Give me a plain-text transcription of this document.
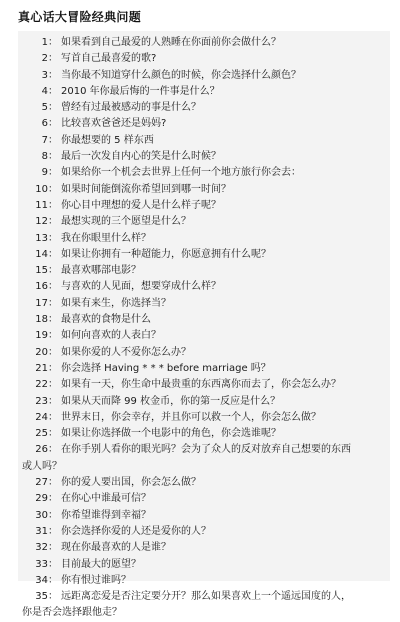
真心话大冒险经典问题
1： 如果看到自己最爱的人熟睡在你面前你会做什么？
2： 写首自己最喜爱的歌?
3： 当你最不知道穿什么颜色的时候，你会选择什么颜色？
4： 2010 年你最后悔的一件事是什么？
5： 曾经有过最被感动的事是什么？
6： 比较喜欢爸爸还是妈妈?
7： 你最想要的 5 样东西
8： 最后一次发自内心的笑是什么时候？
9： 如果给你一个机会去世界上任何一个地方旅行你会去：
10： 如果时间能倒流你希望回到哪一时间？
11： 你心目中理想的爱人是什么样子呢？
12： 最想实现的三个愿望是什么？
13： 我在你眼里什么样？
14： 如果让你拥有一种超能力，你愿意拥有什么呢？
15： 最喜欢哪部电影？
16： 与喜欢的人见面，想要穿成什么样？
17： 如果有来生，你选择当？
18： 最喜欢的食物是什么
19： 如何向喜欢的人表白？
20： 如果你爱的人不爱你怎么办？
21： 你会选择 Having * * * before marriage 吗？
22： 如果有一天，你生命中最贵重的东西离你而去了，你会怎么办？
23： 如果从天而降 99 枚金币，你的第一反应是什么？
24： 世界末日，你会幸存，并且你可以救一个人，你会怎么做？
25： 如果让你选择做一个电影中的角色，你会选谁呢？
26： 在你手别人看你的眼光吗？会为了众人的反对放弃自己想要的东西
或人吗？
27： 你的爱人要出国，你会怎么做？
29： 在你心中谁最可信？
30： 你希望谁得到幸福？
31： 你会选择你爱的人还是爱你的人？
32： 现在你最喜欢的人是谁？
33： 目前最大的愿望？
34： 你有恨过谁吗？
35： 远距离恋爱是否注定要分开？那么如果喜欢上一个遥远国度的人，
你是否会选择跟他走？
